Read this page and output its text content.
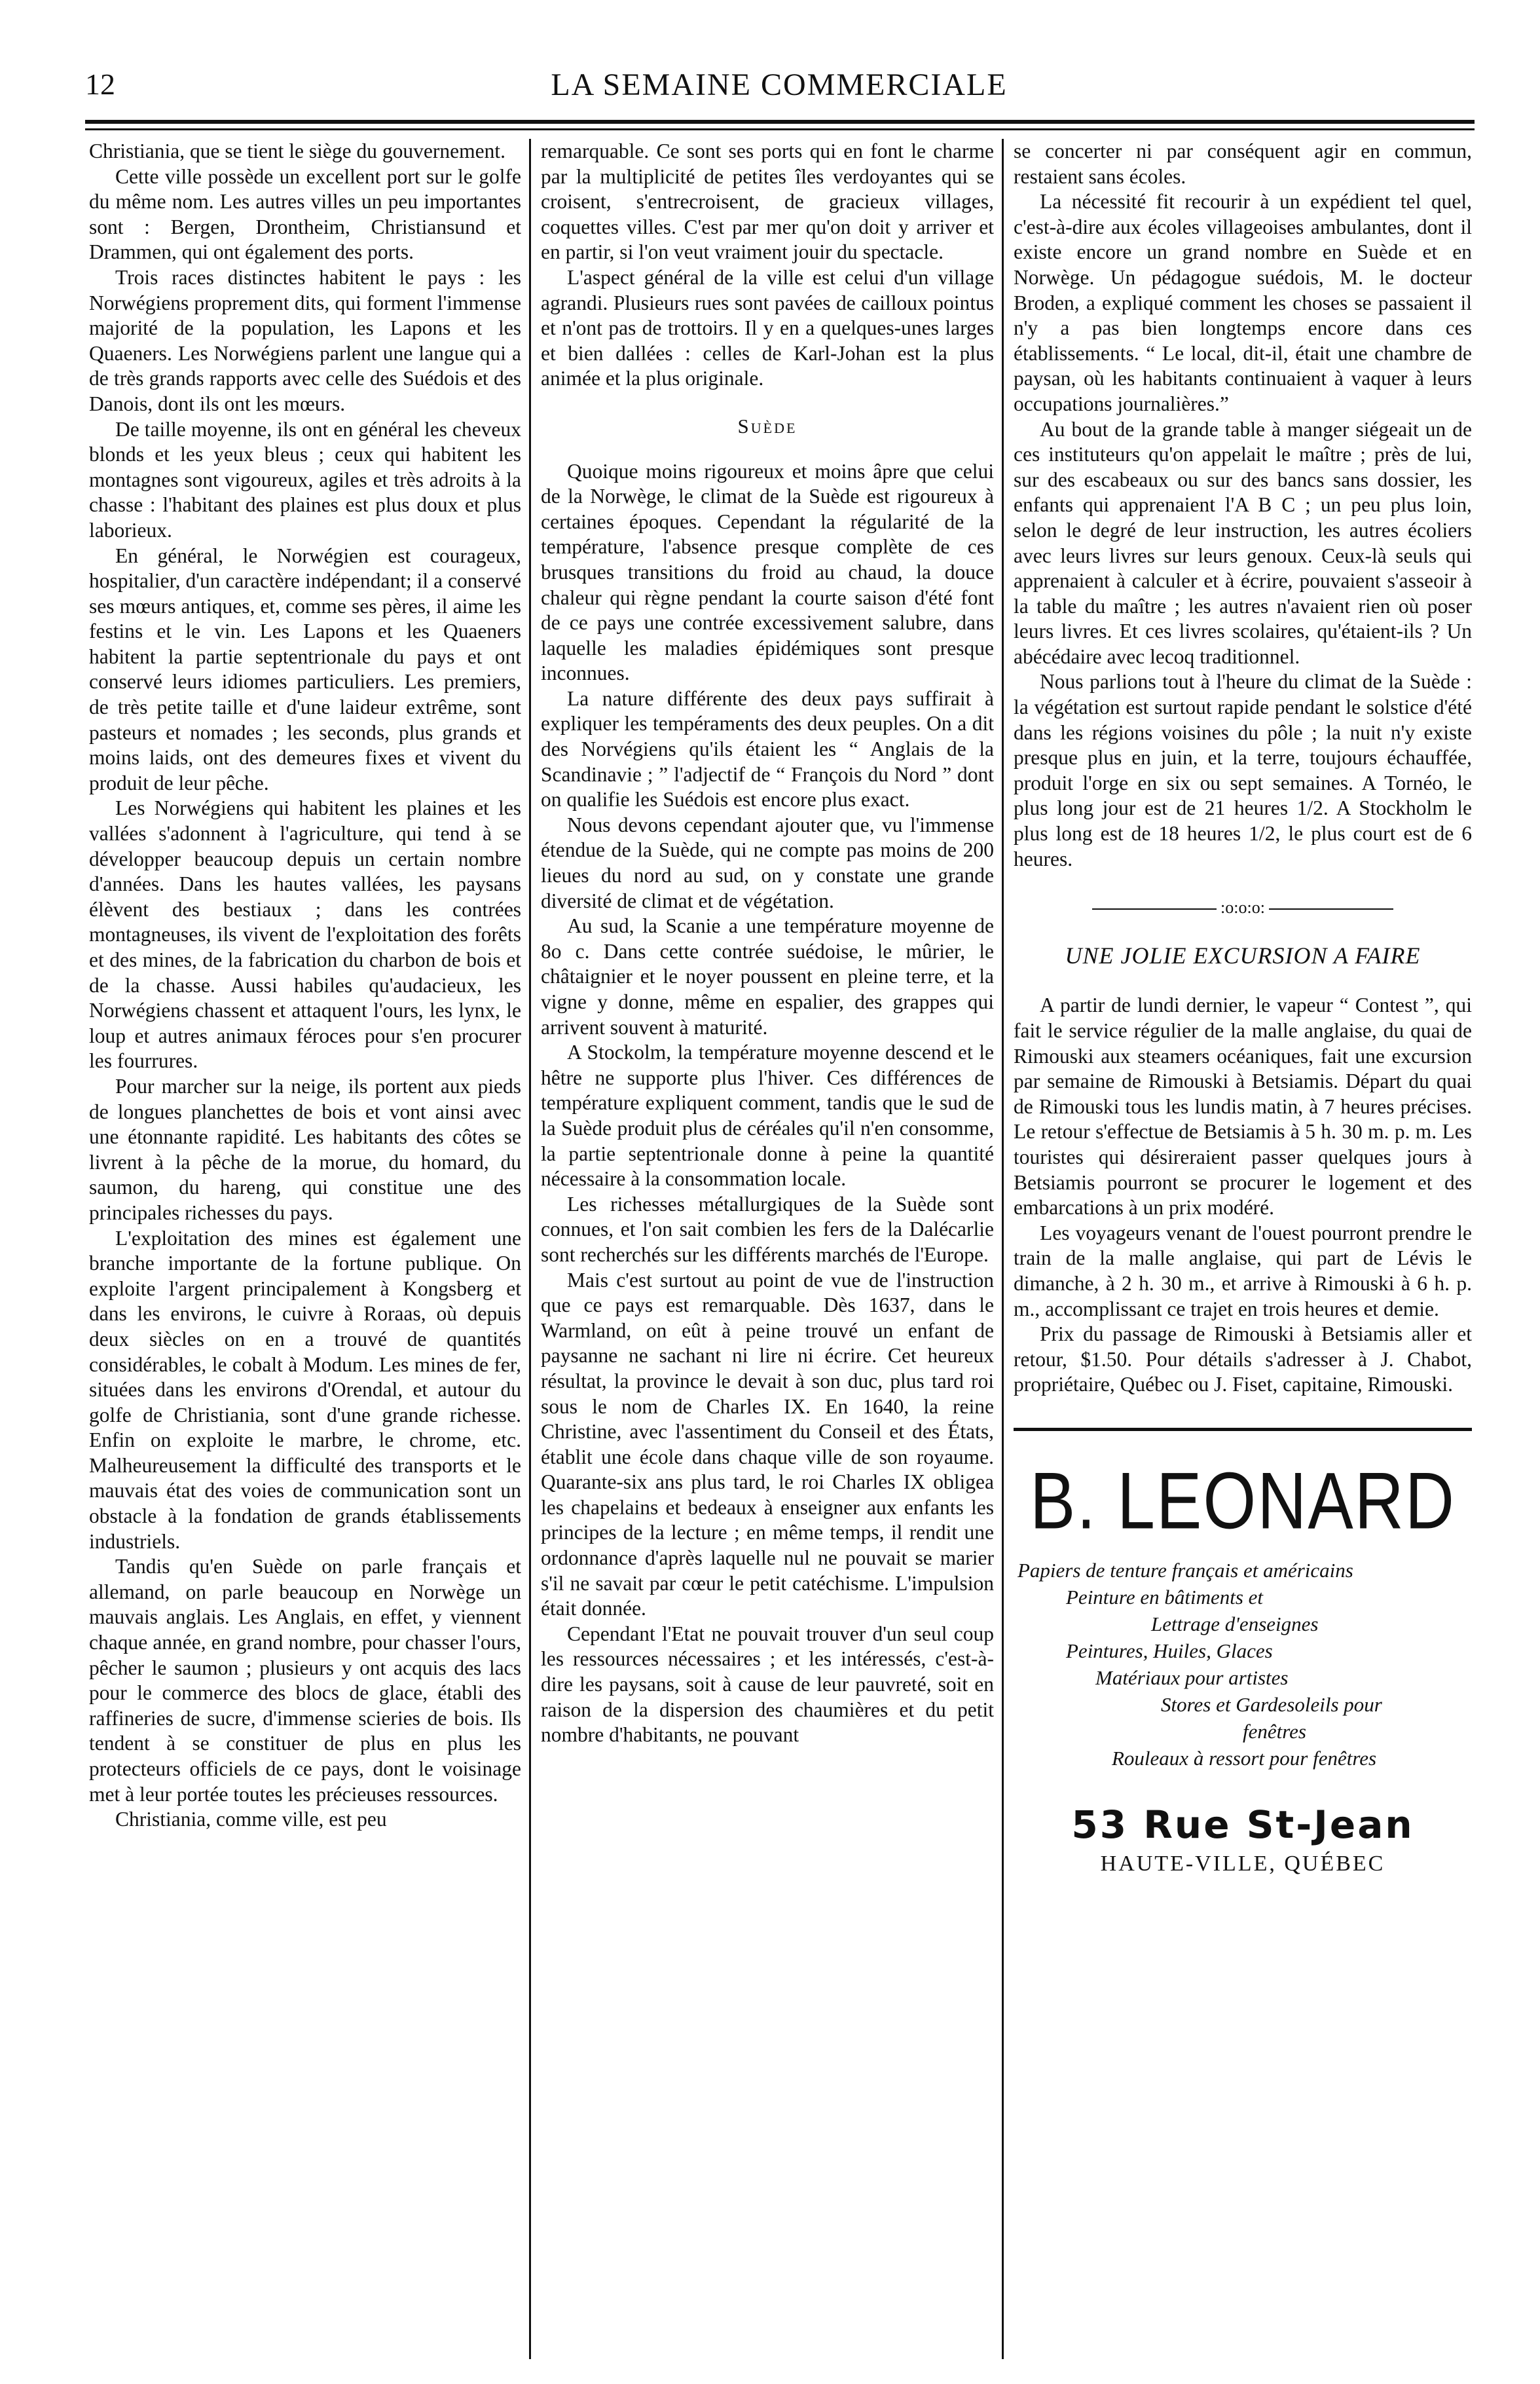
12	LA SEMAINE COMMERCIALE

Christiania, que se tient le siège du gouvernement.

Cette ville possède un excellent port sur le golfe du même nom. Les autres villes un peu importantes sont : Bergen, Drontheim, Christiansund et Drammen, qui ont également des ports.

Trois races distinctes habitent le pays : les Norwégiens proprement dits, qui forment l'immense majorité de la population, les Lapons et les Quaeners. Les Norwégiens parlent une langue qui a de très grands rapports avec celle des Suédois et des Danois, dont ils ont les mœurs.

De taille moyenne, ils ont en général les cheveux blonds et les yeux bleus ; ceux qui habitent les montagnes sont vigoureux, agiles et très adroits à la chasse : l'habitant des plaines est plus doux et plus laborieux.

En général, le Norwégien est courageux, hospitalier, d'un caractère indépendant; il a conservé ses mœurs antiques, et, comme ses pères, il aime les festins et le vin. Les Lapons et les Quaeners habitent la partie septentrionale du pays et ont conservé leurs idiomes particuliers. Les premiers, de très petite taille et d'une laideur extrême, sont pasteurs et nomades ; les seconds, plus grands et moins laids, ont des demeures fixes et vivent du produit de leur pêche.

Les Norwégiens qui habitent les plaines et les vallées s'adonnent à l'agriculture, qui tend à se développer beaucoup depuis un certain nombre d'années. Dans les hautes vallées, les paysans élèvent des bestiaux ; dans les contrées montagneuses, ils vivent de l'exploitation des forêts et des mines, de la fabrication du charbon de bois et de la chasse. Aussi habiles qu'audacieux, les Norwégiens chassent et attaquent l'ours, les lynx, le loup et autres animaux féroces pour s'en procurer les fourrures.

Pour marcher sur la neige, ils portent aux pieds de longues planchettes de bois et vont ainsi avec une étonnante rapidité. Les habitants des côtes se livrent à la pêche de la morue, du homard, du saumon, du hareng, qui constitue une des principales richesses du pays.

L'exploitation des mines est également une branche importante de la fortune publique. On exploite l'argent principalement à Kongsberg et dans les environs, le cuivre à Roraas, où depuis deux siècles on en a trouvé de quantités considérables, le cobalt à Modum. Les mines de fer, situées dans les environs d'Orendal, et autour du golfe de Christiania, sont d'une grande richesse. Enfin on exploite le marbre, le chrome, etc. Malheureusement la difficulté des transports et le mauvais état des voies de communication sont un obstacle à la fondation de grands établissements industriels.

Tandis qu'en Suède on parle français et allemand, on parle beaucoup en Norwège un mauvais anglais. Les Anglais, en effet, y viennent chaque année, en grand nombre, pour chasser l'ours, pêcher le saumon ; plusieurs y ont acquis des lacs pour le commerce des blocs de glace, établi des raffineries de sucre, d'immense scieries de bois. Ils tendent à se constituer de plus en plus les protecteurs officiels de ce pays, dont le voisinage met à leur portée toutes les précieuses ressources.

Christiania, comme ville, est peu

remarquable. Ce sont ses ports qui en font le charme par la multiplicité de petites îles verdoyantes qui se croisent, s'entrecroisent, de gracieux villages, coquettes villes. C'est par mer qu'on doit y arriver et en partir, si l'on veut vraiment jouir du spectacle.

L'aspect général de la ville est celui d'un village agrandi. Plusieurs rues sont pavées de cailloux pointus et n'ont pas de trottoirs. Il y en a quelques-unes larges et bien dallées : celles de Karl-Johan est la plus animée et la plus originale.

Suède

Quoique moins rigoureux et moins âpre que celui de la Norwège, le climat de la Suède est rigoureux à certaines époques. Cependant la régularité de la température, l'absence presque complète de ces brusques transitions du froid au chaud, la douce chaleur qui règne pendant la courte saison d'été font de ce pays une contrée excessivement salubre, dans laquelle les maladies épidémiques sont presque inconnues.

La nature différente des deux pays suffirait à expliquer les tempéraments des deux peuples. On a dit des Norvégiens qu'ils étaient les “ Anglais de la Scandinavie ; ” l'adjectif de “ François du Nord ” dont on qualifie les Suédois est encore plus exact.

Nous devons cependant ajouter que, vu l'immense étendue de la Suède, qui ne compte pas moins de 200 lieues du nord au sud, on y constate une grande diversité de climat et de végétation.

Au sud, la Scanie a une température moyenne de 8o c. Dans cette contrée suédoise, le mûrier, le châtaignier et le noyer poussent en pleine terre, et la vigne y donne, même en espalier, des grappes qui arrivent souvent à maturité.

A Stockolm, la température moyenne descend et le hêtre ne supporte plus l'hiver. Ces différences de température expliquent comment, tandis que le sud de la Suède produit plus de céréales qu'il n'en consomme, la partie septentrionale donne à peine la quantité nécessaire à la consommation locale.

Les richesses métallurgiques de la Suède sont connues, et l'on sait combien les fers de la Dalécarlie sont recherchés sur les différents marchés de l'Europe.

Mais c'est surtout au point de vue de l'instruction que ce pays est remarquable. Dès 1637, dans le Warmland, on eût à peine trouvé un enfant de paysanne ne sachant ni lire ni écrire. Cet heureux résultat, la province le devait à son duc, plus tard roi sous le nom de Charles IX. En 1640, la reine Christine, avec l'assentiment du Conseil et des États, établit une école dans chaque ville de son royaume. Quarante-six ans plus tard, le roi Charles IX obligea les chapelains et bedeaux à enseigner aux enfants les principes de la lecture ; en même temps, il rendit une ordonnance d'après laquelle nul ne pouvait se marier s'il ne savait par cœur le petit catéchisme. L'impulsion était donnée.

Cependant l'Etat ne pouvait trouver d'un seul coup les ressources nécessaires ; et les intéressés, c'est-à-dire les paysans, soit à cause de leur pauvreté, soit en raison de la dispersion des chaumières et du petit nombre d'habitants, ne pouvant

se concerter ni par conséquent agir en commun, restaient sans écoles.

La nécessité fit recourir à un expédient tel quel, c'est-à-dire aux écoles villageoises ambulantes, dont il existe encore un grand nombre en Suède et en Norwège. Un pédagogue suédois, M. le docteur Broden, a expliqué comment les choses se passaient il n'y a pas bien longtemps encore dans ces établissements. “ Le local, dit-il, était une chambre de paysan, où les habitants continuaient à vaquer à leurs occupations journalières.”

Au bout de la grande table à manger siégeait un de ces instituteurs qu'on appelait le maître ; près de lui, sur des escabeaux ou sur des bancs sans dossier, les enfants qui apprenaient l'A B C ; un peu plus loin, selon le degré de leur instruction, les autres écoliers avec leurs livres sur leurs genoux. Ceux-là seuls qui apprenaient à calculer et à écrire, pouvaient s'asseoir à la table du maître ; les autres n'avaient rien où poser leurs livres. Et ces livres scolaires, qu'étaient-ils ? Un abécédaire avec lecoq traditionnel.

Nous parlions tout à l'heure du climat de la Suède : la végétation est surtout rapide pendant le solstice d'été dans les régions voisines du pôle ; la nuit n'y existe presque plus en juin, et la terre, toujours échauffée, produit l'orge en six ou sept semaines. A Tornéo, le plus long jour est de 21 heures 1/2. A Stockholm le plus long est de 18 heures 1/2, le plus court est de 6 heures.

:o:o:o:
UNE JOLIE EXCURSION A FAIRE

A partir de lundi dernier, le vapeur “ Contest ”, qui fait le service régulier de la malle anglaise, du quai de Rimouski aux steamers océaniques, fait une excursion par semaine de Rimouski à Betsiamis. Départ du quai de Rimouski tous les lundis matin, à 7 heures précises. Le retour s'effectue de Betsiamis à 5 h. 30 m. p. m. Les touristes qui désireraient passer quelques jours à Betsiamis pourront se procurer le logement et des embarcations à un prix modéré.

Les voyageurs venant de l'ouest pourront prendre le train de la malle anglaise, qui part de Lévis le dimanche, à 2 h. 30 m., et arrive à Rimouski à 6 h. p. m., accomplissant ce trajet en trois heures et demie.

Prix du passage de Rimouski à Betsiamis aller et retour, $1.50. Pour détails s'adresser à J. Chabot, propriétaire, Québec ou J. Fiset, capitaine, Rimouski.

B. LEONARD
Papiers de tenture français et américains
Peinture en bâtiments et
Lettrage d'enseignes
Peintures, Huiles, Glaces
Matériaux pour artistes
Stores et Gardesoleils pour
fenêtres
Rouleaux à ressort pour fenêtres
53 Rue St-Jean
HAUTE-VILLE, QUÉBEC
